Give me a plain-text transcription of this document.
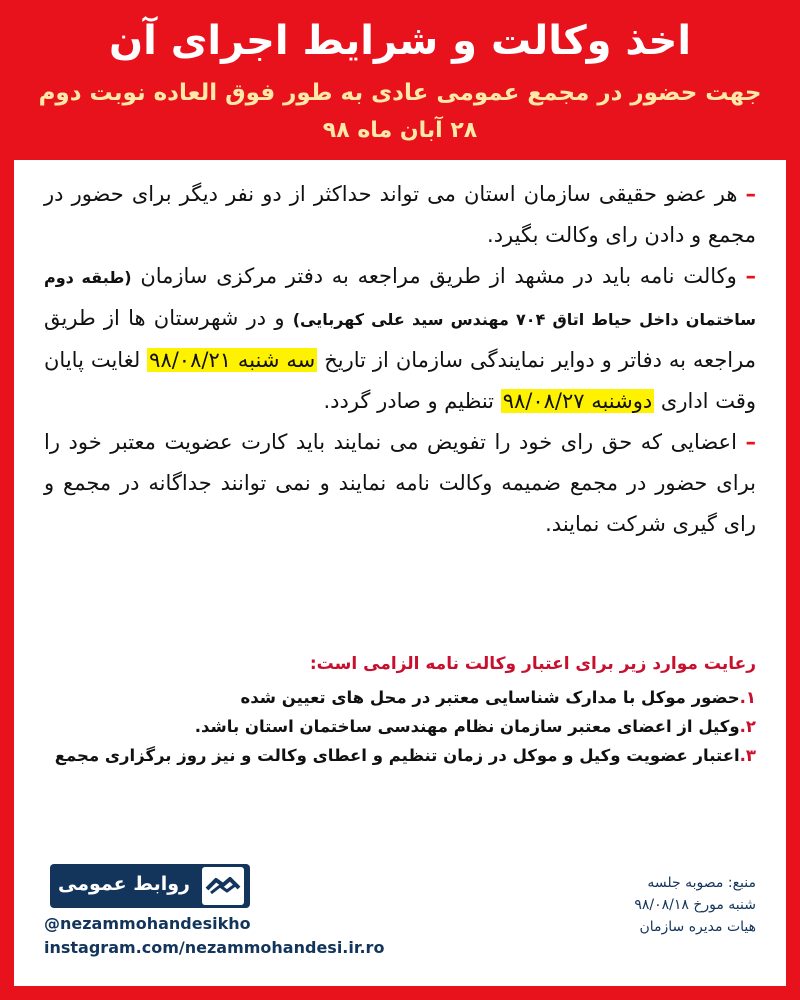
اخذ وکالت و شرایط اجرای آن
جهت حضور در مجمع عمومی عادی به طور فوق العاده نوبت دوم
۲۸ آبان ماه ۹۸

– هر عضو حقیقی سازمان استان می تواند حداکثر از دو نفر دیگر برای حضور در مجمع و دادن رای وکالت بگیرد.

– وکالت نامه باید در مشهد از طریق مراجعه به دفتر مرکزی سازمان (طبقه دوم ساختمان داخل حیاط اتاق ۷۰۴ مهندس سید علی کهربایی) و در شهرستان ها از طریق مراجعه به دفاتر و دوایر نمایندگی سازمان از تاریخ سه شنبه ۹۸/۰۸/۲۱ لغایت پایان وقت اداری دوشنبه ۹۸/۰۸/۲۷ تنظیم و صادر گردد.

– اعضایی که حق رای خود را تفویض می نمایند باید کارت عضویت معتبر خود را برای حضور در مجمع ضمیمه وکالت نامه نمایند و نمی توانند جداگانه در مجمع و رای گیری شرکت نمایند.

رعایت موارد زیر برای اعتبار وکالت نامه الزامی است:

۱.حضور موکل با مدارک شناسایی معتبر در محل های تعیین شده

۲.وکیل از اعضای معتبر سازمان نظام مهندسی ساختمان استان باشد.

۳.اعتبار عضویت وکیل و موکل در زمان تنظیم و اعطای وکالت و نیز روز برگزاری مجمع

روابط عمومی
@nezammohandesikho
instagram.com/nezammohandesi.ir.ro

منبع: مصوبه جلسه

شنبه مورخ ۹۸/۰۸/۱۸

هیات مدیره سازمان
